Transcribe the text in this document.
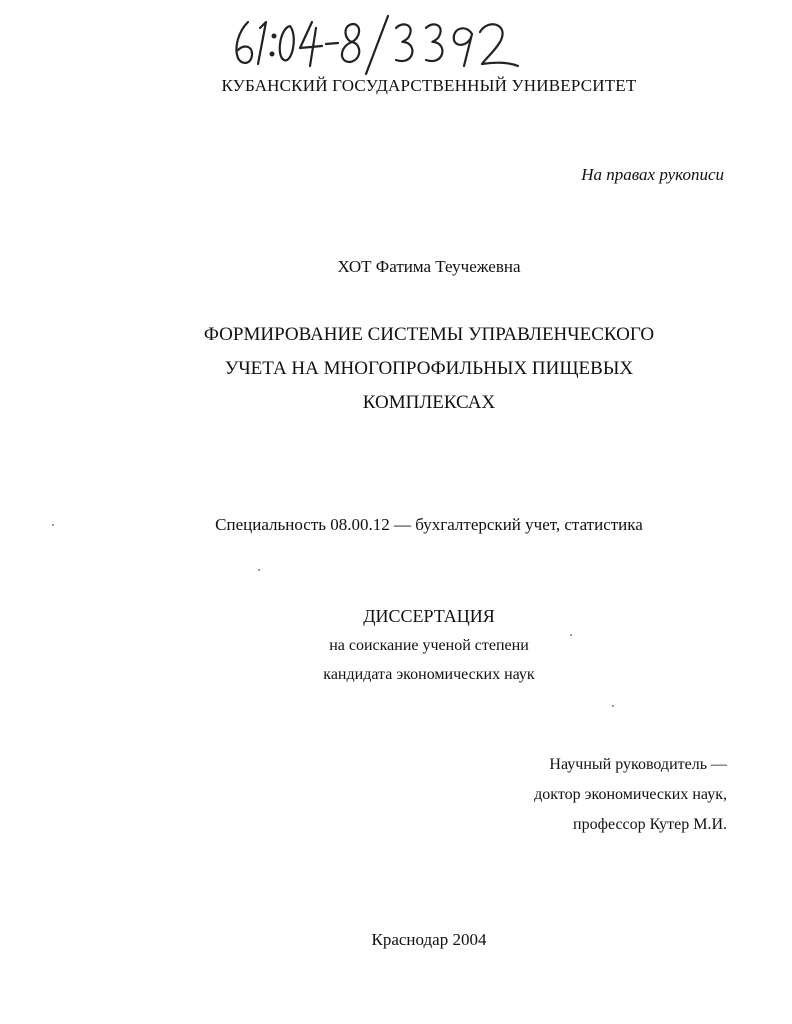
КУБАНСКИЙ ГОСУДАРСТВЕННЫЙ УНИВЕРСИТЕТ
На правах рукописи
ХОТ Фатима Теучежевна
ФОРМИРОВАНИЕ СИСТЕМЫ УПРАВЛЕНЧЕСКОГО
УЧЕТА НА МНОГОПРОФИЛЬНЫХ ПИЩЕВЫХ
КОМПЛЕКСАХ
Специальность 08.00.12 — бухгалтерский учет, статистика
ДИССЕРТАЦИЯ
на соискание ученой степени
кандидата экономических наук
Научный руководитель —
доктор экономических наук,
профессор Кутер М.И.
Краснодар 2004
